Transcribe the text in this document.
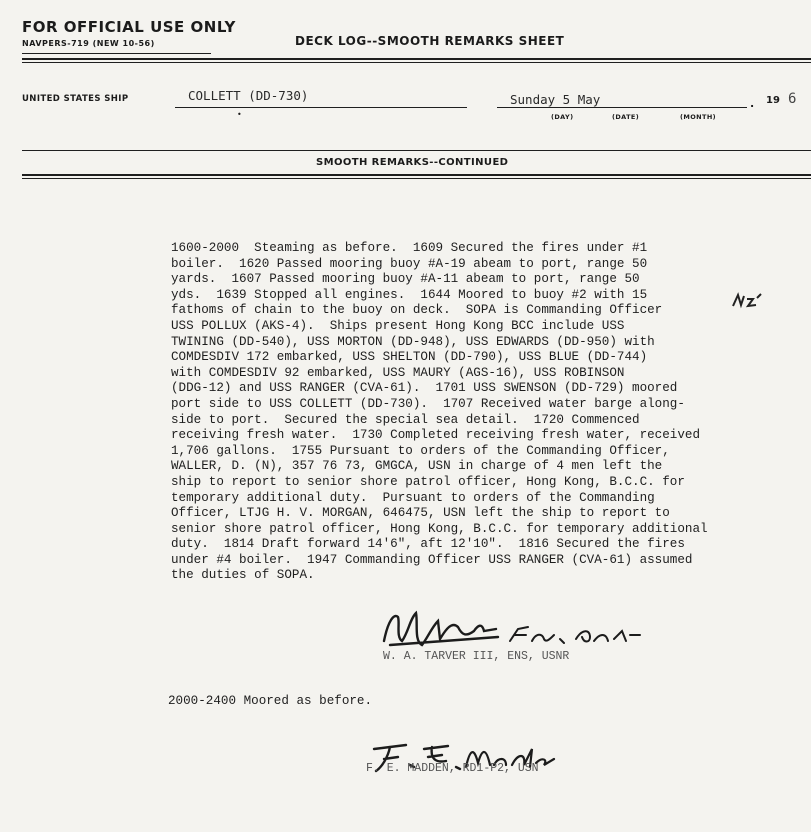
FOR OFFICIAL USE ONLY
NAVPERS-719 (NEW 10-56)	DECK LOG--SMOOTH REMARKS SHEET
UNITED STATES SHIP	COLLETT (DD-730)
•
Sunday 5 May
(DAY)	(DATE)	(MONTH)
. 19 6
SMOOTH REMARKS--CONTINUED
1600-2000  Steaming as before.  1609 Secured the fires under #1
boiler.  1620 Passed mooring buoy #A-19 abeam to port, range 50
yards.  1607 Passed mooring buoy #A-11 abeam to port, range 50
yds.  1639 Stopped all engines.  1644 Moored to buoy #2 with 15
fathoms of chain to the buoy on deck.  SOPA is Commanding Officer
USS POLLUX (AKS-4).  Ships present Hong Kong BCC include USS
TWINING (DD-540), USS MORTON (DD-948), USS EDWARDS (DD-950) with
COMDESDIV 172 embarked, USS SHELTON (DD-790), USS BLUE (DD-744)
with COMDESDIV 92 embarked, USS MAURY (AGS-16), USS ROBINSON
(DDG-12) and USS RANGER (CVA-61).  1701 USS SWENSON (DD-729) moored
port side to USS COLLETT (DD-730).  1707 Received water barge along-
side to port.  Secured the special sea detail.  1720 Commenced
receiving fresh water.  1730 Completed receiving fresh water, received
1,706 gallons.  1755 Pursuant to orders of the Commanding Officer,
WALLER, D. (N), 357 76 73, GMGCA, USN in charge of 4 men left the
ship to report to senior shore patrol officer, Hong Kong, B.C.C. for
temporary additional duty.  Pursuant to orders of the Commanding
Officer, LTJG H. V. MORGAN, 646475, USN left the ship to report to
senior shore patrol officer, Hong Kong, B.C.C. for temporary additional
duty.  1814 Draft forward 14'6", aft 12'10".  1816 Secured the fires
under #4 boiler.  1947 Commanding Officer USS RANGER (CVA-61) assumed
the duties of SOPA.
W. A. TARVER III, ENS, USNR
2000-2400 Moored as before.
F. E. MADDEN, RD1-P2, USN
